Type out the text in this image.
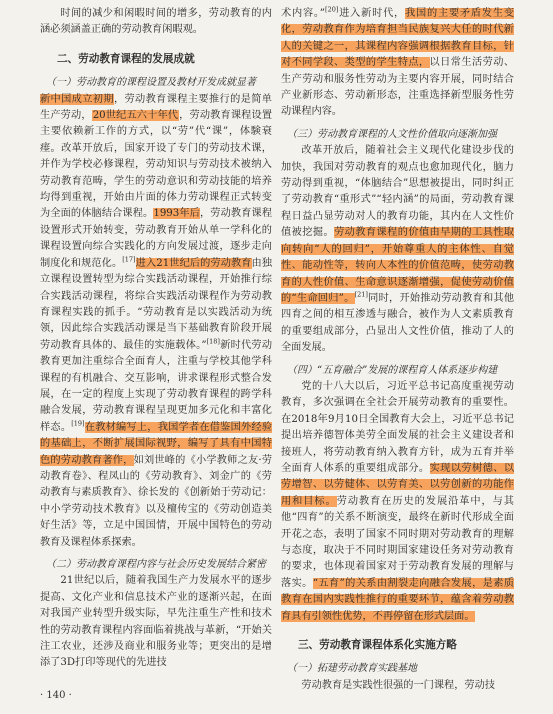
时间的减少和闲暇时间的增多，劳动教育的内涵必须涵盖正确的劳动教育闲暇观。

二、劳动教育课程的发展成就
（一）劳动教育的课程设置及教材开发成就显著

新中国成立初期，劳动教育课程主要推行的是简单生产劳动，20世纪五六十年代，劳动教育课程设置主要依赖新工作的方式，以“劳”代“课”，体験衰瘗。改革开放后，国家开设了专门的劳动技术课，并作为学校必修课程，劳动知识与劳动技术被纳入劳动教育范畴，学生的劳动意识和劳动技能的培养均得到重视，开始由片面的体力劳动课程正式转变为全面的体脑结合课程。1993年后，劳动教育课程设置形式开始转变，劳动教育开始从单一学科化的课程设置向综合实践化的方向发展过渡，逐步走向制度化和规范化。[17]进入21世纪后的劳动教育由独立课程设置转型为综合实践活动课程，开始推行综合实践活动课程，将综合实践活动课程作为劳动教育课程实践的抓手。“劳动教育是以实践活动为统领，因此综合实践活动课是当下基础教育阶段开展劳动教育具体的、最佳的实施载体。”[18]新时代劳动教育更加注重综合全面育人，注重与学校其他学科课程的有机融合、交互影响，讲求课程形式整合发展，在一定的程度上实现了劳动教育课程的跨学科融合发展，劳动教育课程呈现更加多元化和丰富化样态。[19]在教材编写上，我国学者在借鉴国外经验的基础上，不断扩展国际视野，编写了具有中国特色的劳动教育著作，如刘世峰的《小学教师之友·劳动教育卷》、程凤山的《劳动教育》、刘金广的《劳动教育与素质教育》、徐长发的《创新始于劳动记：中小学劳动技术教育》以及檀传宝的《劳动创造美好生活》等，立足中国国情，开展中国特色的劳动教育及课程体系探索。

（二）劳动教育课程内容与社会历史发展结合紧密

21世纪以后，随着我国生产力发展水平的逐步提高、文化产业和信息技术产业的逐渐兴起，在面对我国产业转型升级实际，早先注重生产性和技术性的劳动教育课程内容面临着挑战与革新，“开始关注工农业，还涉及商业和服务业等；更突出的是增添了3D打印等现代的先进技

术内容。”[20]进入新时代，我国的主要矛盾发生变化，劳动教育作为培育担当民族复兴大任的时代新人的关键之一，其课程内容强调根据教育目标，针对不同学段、类型的学生特点，以日常生活劳动、生产劳动和服务性劳动为主要内容开展，同时结合产业新形态、劳动新形态，注重选择新型服务性劳动课程内容。

（三）劳动教育课程的人文性价值取向逐渐加强

改革开放后，随着社会主义现代化建设步伐的加快，我国对劳动教育的观点也愈加现代化，脑力劳动得到重视，“体脑结合”思想被提出，同时纠正了劳动教育“重形式”“轻内涵”的局面，劳动教育课程日益凸显劳动对人的教育功能，其内在人文性价值被挖掘。劳动教育课程的价值由早期的工具性取向转向“人的回归”，开始尊重人的主体性、自觉性、能动性等，转向人本性的价值范畴，使劳动教育的人性价值、生命意识逐渐增强，促使劳动价值的“生命回归”。[21]同时，开始推动劳动教育和其他四育之间的相互渗透与融合，被作为人文素质教育的重要组成部分，凸显出人文性价值，推动了人的全面发展。

（四）“五育融合”发展的课程育人体系逐步构建

党的十八大以后，习近平总书记高度重视劳动教育，多次强调在全社会开展劳动教育的重要性。在2018年9月10日全国教育大会上，习近平总书记提出培养德智体美劳全面发展的社会主义建设者和接班人，将劳动教育纳入教育方针，成为五育并举全面育人体系的重要组成部分。实现以劳树德、以劳增智、以劳健体、以劳育美、以劳创新的功能作用和目标。劳动教育在历史的发展沿革中，与其他“四育”的关系不断演变，最终在新时代形成全面开花之态，表明了国家不同时期对劳动教育的理解与态度，取决于不同时期国家建设任务对劳动教育的要求，也体现着国家对于劳动教育发展的理解与落实。“五育”的关系由割裂走向融合发展，是素质教育在国内实践性推行的重要环节，蕴含着劳动教育具有引领性优势，不再停留在形式层面。

三、劳动教育课程体系化实施方略
（一）拓建劳动教育实践基地

劳动教育是实践性很强的一门课程，劳动技

· 140 ·
